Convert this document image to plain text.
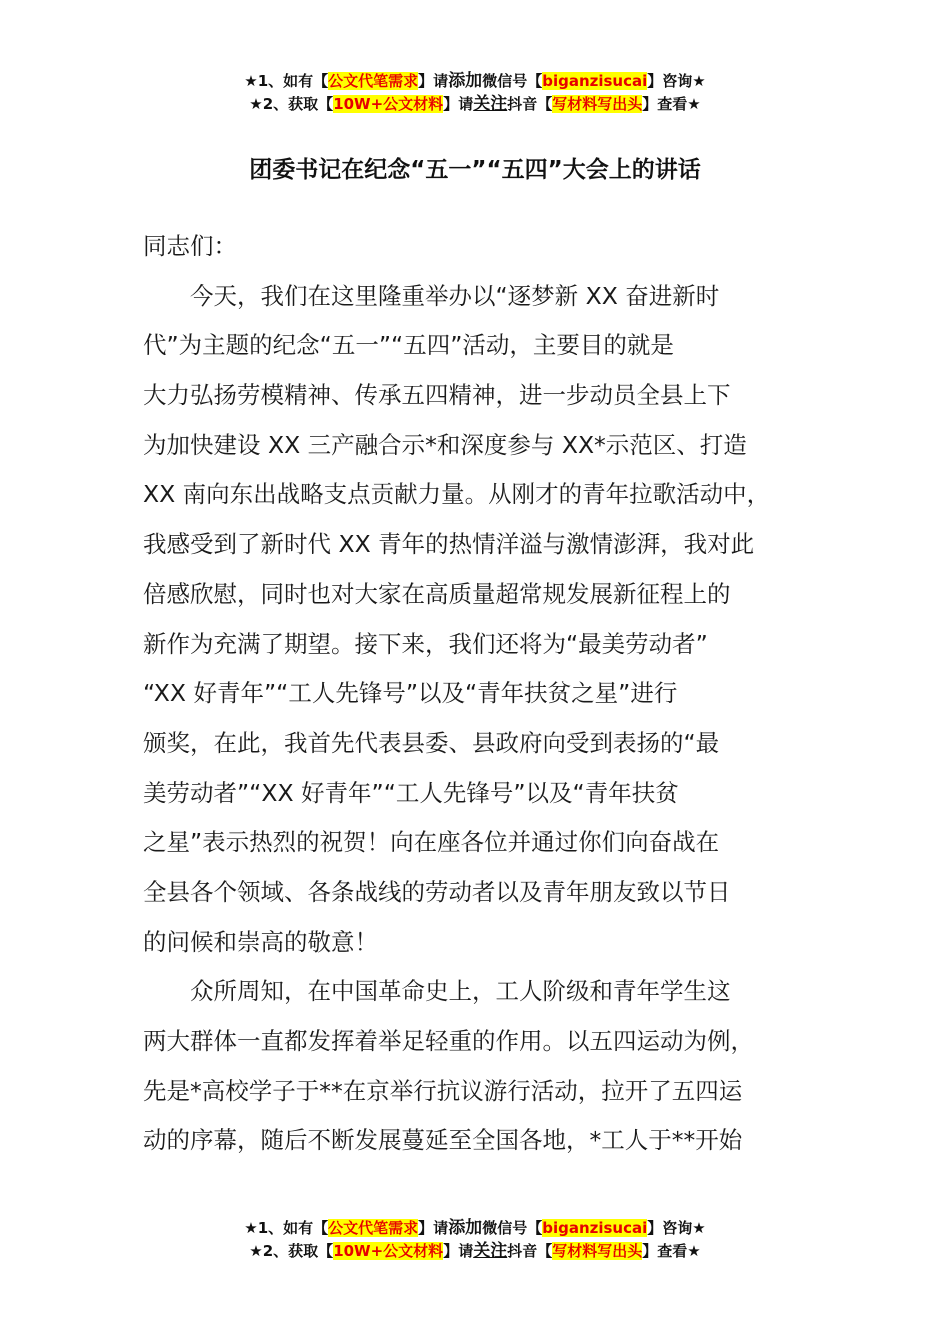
★1、如有【公文代笔需求】请添加微信号【biganzisucai】咨询★
★2、获取【10W+公文材料】请关注抖音【写材料写出头】查看★
团委书记在纪念“五一”“五四”大会上的讲话
同志们：
　　今天，我们在这里隆重举办以“逐梦新 XX 奋进新时
代”为主题的纪念“五一”“五四”活动，主要目的就是
大力弘扬劳模精神、传承五四精神，进一步动员全县上下
为加快建设 XX 三产融合示*和深度参与 XX*示范区、打造
XX 南向东出战略支点贡献力量。从刚才的青年拉歌活动中，
我感受到了新时代 XX 青年的热情洋溢与激情澎湃，我对此
倍感欣慰，同时也对大家在高质量超常规发展新征程上的
新作为充满了期望。接下来，我们还将为“最美劳动者”
“XX 好青年”“工人先锋号”以及“青年扶贫之星”进行
颁奖，在此，我首先代表县委、县政府向受到表扬的“最
美劳动者”“XX 好青年”“工人先锋号”以及“青年扶贫
之星”表示热烈的祝贺！向在座各位并通过你们向奋战在
全县各个领域、各条战线的劳动者以及青年朋友致以节日
的问候和崇高的敬意！
　　众所周知，在中国革命史上，工人阶级和青年学生这
两大群体一直都发挥着举足轻重的作用。以五四运动为例，
先是*高校学子于**在京举行抗议游行活动，拉开了五四运
动的序幕，随后不断发展蔓延至全国各地，*工人于**开始
★1、如有【公文代笔需求】请添加微信号【biganzisucai】咨询★
★2、获取【10W+公文材料】请关注抖音【写材料写出头】查看★
